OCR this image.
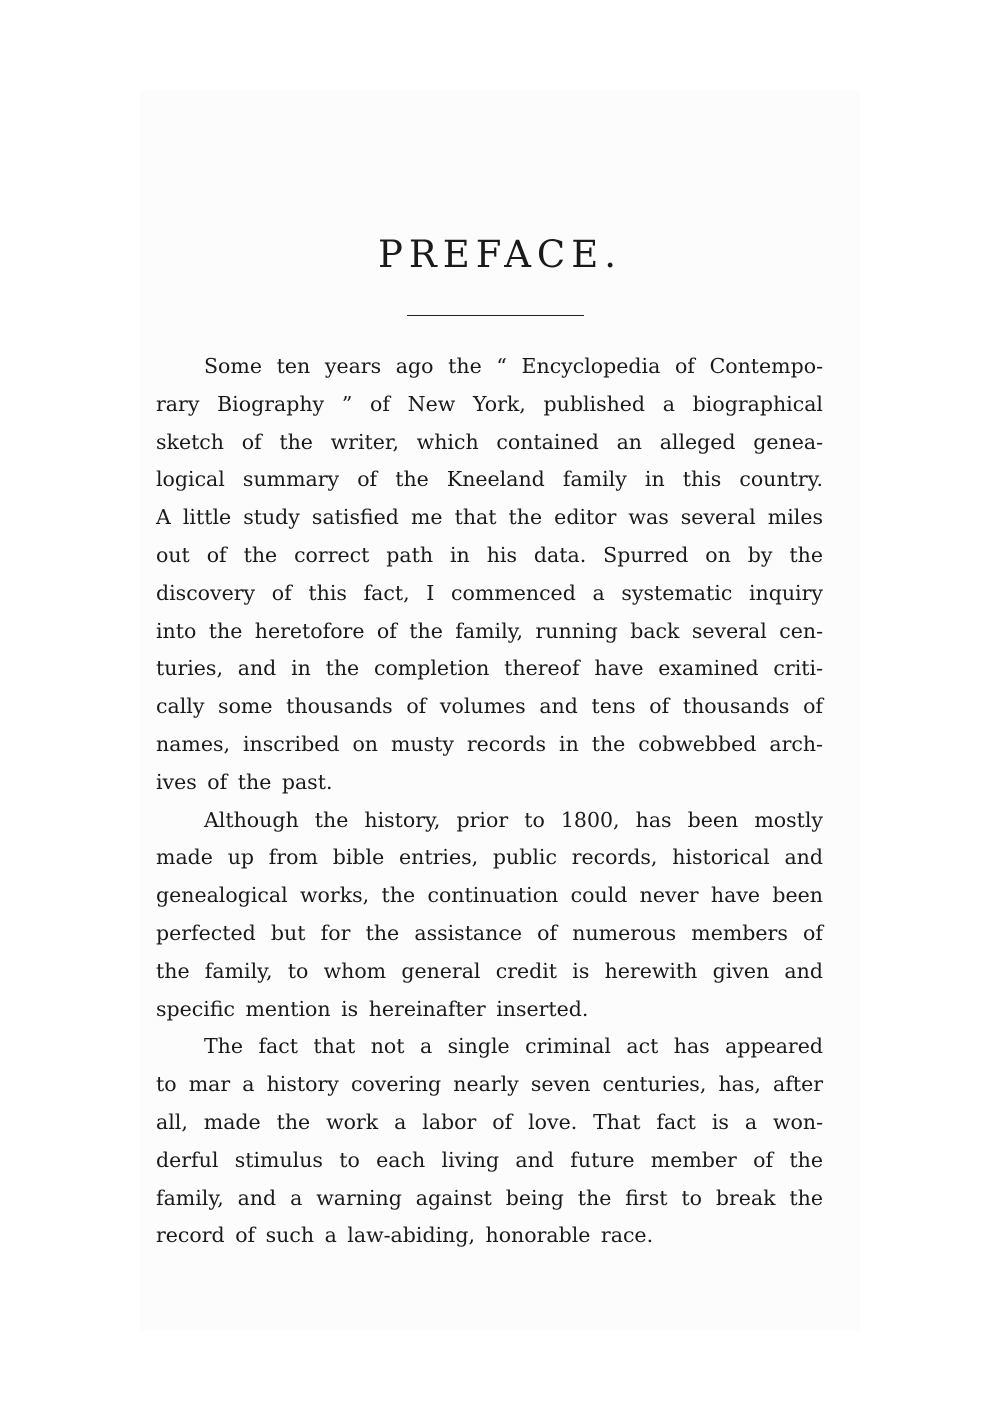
PREFACE.
Some ten years ago the “ Encyclopedia of Contempo-
rary Biography ” of New York, published a biographical
sketch of the writer, which contained an alleged genea-
logical summary of the Kneeland family in this country.
A little study satisfied me that the editor was several miles
out of the correct path in his data. Spurred on by the
discovery of this fact, I commenced a systematic inquiry
into the heretofore of the family, running back several cen-
turies, and in the completion thereof have examined criti-
cally some thousands of volumes and tens of thousands of
names, inscribed on musty records in the cobwebbed arch-
ives of the past.
Although the history, prior to 1800, has been mostly
made up from bible entries, public records, historical and
genealogical works, the continuation could never have been
perfected but for the assistance of numerous members of
the family, to whom general credit is herewith given and
specific mention is hereinafter inserted.
The fact that not a single criminal act has appeared
to mar a history covering nearly seven centuries, has, after
all, made the work a labor of love. That fact is a won-
derful stimulus to each living and future member of the
family, and a warning against being the first to break the
record of such a law-abiding, honorable race.
